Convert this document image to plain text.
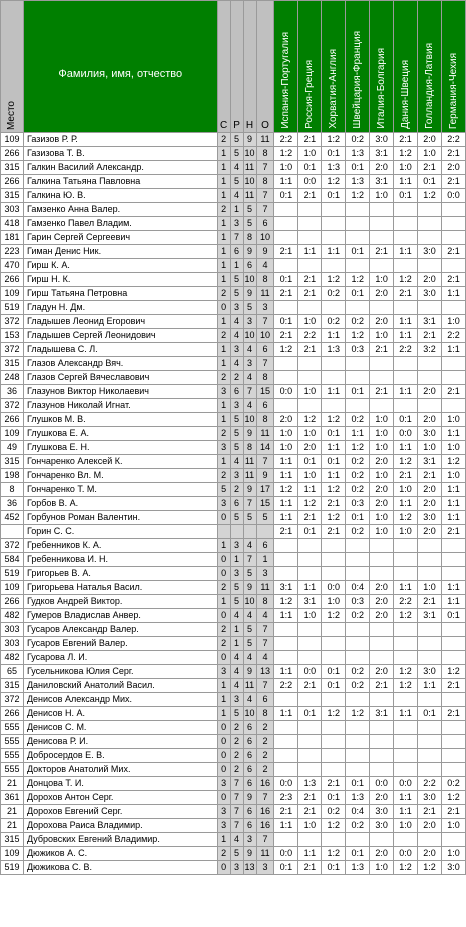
Место	Фамилия, имя, отчество	С	Р	Н	О	Испания-Португалия	Россия-Греция	Хорватия-Англия	Швейцария-Франция	Италия-Болгария	Дания-Швеция	Голландия-Латвия	Германия-Чехия

109	Газизов Р. Р.	2	5	9	11	2:2	2:1	1:2	0:2	3:0	2:1	2:0	2:2
266	Газизова Т. В.	1	5	10	8	1:2	1:0	0:1	1:3	3:1	1:2	1:0	2:1
315	Галкин Василий Александр.	1	4	11	7	1:0	0:1	1:3	0:1	2:0	1:0	2:1	2:0
266	Галкина Татьяна Павловна	1	5	10	8	1:1	0:0	1:2	1:3	3:1	1:1	0:1	2:1
315	Галкина Ю. В.	1	4	11	7	0:1	2:1	0:1	1:2	1:0	0:1	1:2	0:0
303	Гамзенко Анна Валер.	2	1	5	7								
418	Гамзенко Павел Владим.	1	3	5	6								
181	Гарин Сергей Сергеевич	1	7	8	10								
223	Гиман Денис Ник.	1	6	9	9	2:1	1:1	1:1	0:1	2:1	1:1	3:0	2:1
470	Гирш К. А.	1	1	6	4								
266	Гирш Н. К.	1	5	10	8	0:1	2:1	1:2	1:2	1:0	1:2	2:0	2:1
109	Гирш Татьяна Петровна	2	5	9	11	2:1	2:1	0:2	0:1	2:0	2:1	3:0	1:1
519	Гладун Н. Дм.	0	3	5	3								
372	Гладышев Леонид Егорович	1	4	3	7	0:1	1:0	0:2	0:2	2:0	1:1	3:1	1:0
153	Гладышев Сергей Леонидович	2	4	10	10	2:1	2:2	1:1	1:2	1:0	1:1	2:1	2:2
372	Гладышева С. Л.	1	3	4	6	1:2	2:1	1:3	0:3	2:1	2:2	3:2	1:1
315	Глазов Александр Вяч.	1	4	3	7								
248	Глазов Сергей Вячеславович	2	2	4	8								
36	Глазунов Виктор Николаевич	3	6	7	15	0:0	1:0	1:1	0:1	2:1	1:1	2:0	2:1
372	Глазунов Николай Игнат.	1	3	4	6								
266	Глушков М. В.	1	5	10	8	2:0	1:2	1:2	0:2	1:0	0:1	2:0	1:0
109	Глушкова Е. А.	2	5	9	11	1:0	1:0	0:1	1:1	1:0	0:0	3:0	1:1
49	Глушкова Е. Н.	3	5	8	14	1:0	2:0	1:1	1:2	1:0	1:1	1:0	1:0
315	Гончаренко Алексей К.	1	4	11	7	1:1	0:1	0:1	0:2	2:0	1:2	3:1	1:2
198	Гончаренко Вл. М.	2	3	11	9	1:1	1:0	1:1	0:2	1:0	2:1	2:1	1:0
8	Гончаренко Т. М.	5	2	9	17	1:2	1:1	1:2	0:2	2:0	1:0	2:0	1:1
36	Горбов В. А.	3	6	7	15	1:1	1:2	2:1	0:3	2:0	1:1	2:0	1:1
452	Горбунов Роман Валентин.	0	5	5	5	1:1	2:1	1:2	0:1	1:0	1:2	3:0	1:1
	Горин С. С.					2:1	0:1	2:1	0:2	1:0	1:0	2:0	2:1
372	Гребенников К. А.	1	3	4	6								
584	Гребенникова И. Н.	0	1	7	1								
519	Григорьев В. А.	0	3	5	3								
109	Григорьева Наталья Васил.	2	5	9	11	3:1	1:1	0:0	0:4	2:0	1:1	1:0	1:1
266	Гудков Андрей Виктор.	1	5	10	8	1:2	3:1	1:0	0:3	2:0	2:2	2:1	1:1
482	Гумеров Владислав Анвер.	0	4	4	4	1:1	1:0	1:2	0:2	2:0	1:2	3:1	0:1
303	Гусаров Александр Валер.	2	1	5	7								
303	Гусаров Евгений Валер.	2	1	5	7								
482	Гусарова Л. И.	0	4	4	4								
65	Гусельникова Юлия Серг.	3	4	9	13	1:1	0:0	0:1	0:2	2:0	1:2	3:0	1:2
315	Даниловский Анатолий Васил.	1	4	11	7	2:2	2:1	0:1	0:2	2:1	1:2	1:1	2:1
372	Денисов Александр Мих.	1	3	4	6								
266	Денисов Н. А.	1	5	10	8	1:1	0:1	1:2	1:2	3:1	1:1	0:1	2:1
555	Денисов С. М.	0	2	6	2								
555	Денисова Р. И.	0	2	6	2								
555	Добросердов Е. В.	0	2	6	2								
555	Докторов Анатолий Мих.	0	2	6	2								
21	Донцова Т. И.	3	7	6	16	0:0	1:3	2:1	0:1	0:0	0:0	2:2	0:2
361	Дорохов Антон Серг.	0	7	9	7	2:3	2:1	0:1	1:3	2:0	1:1	3:0	1:2
21	Дорохов Евгений Серг.	3	7	6	16	2:1	2:1	0:2	0:4	3:0	1:1	2:1	2:1
21	Дорохова Раиса Владимир.	3	7	6	16	1:1	1:0	1:2	0:2	3:0	1:0	2:0	1:0
315	Дубровских Евгений Владимир.	1	4	3	7								
109	Дюжиков А. С.	2	5	9	11	0:0	1:1	1:2	0:1	2:0	0:0	2:0	1:0
519	Дюжикова С. В.	0	3	13	3	0:1	2:1	0:1	1:3	1:0	1:2	1:2	3:0
